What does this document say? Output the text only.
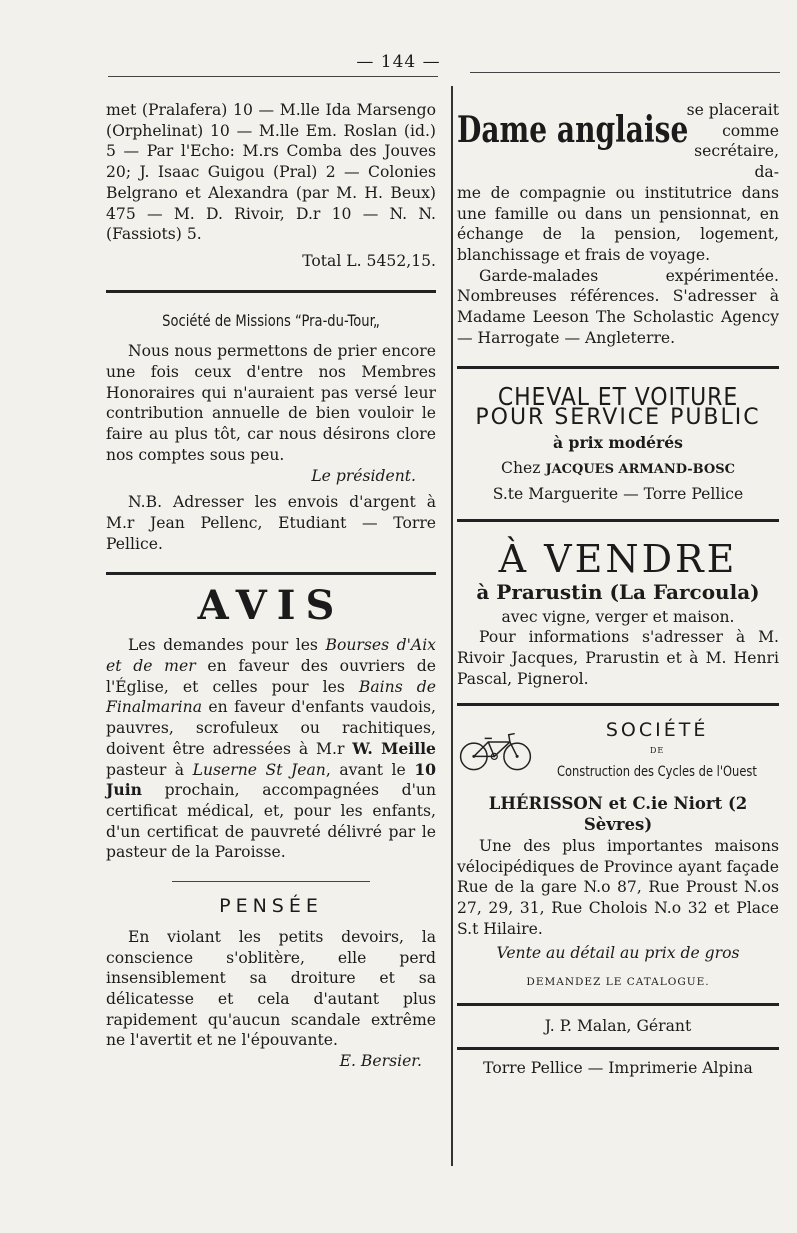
— 144 —

met (Pralafera) 10 — M.lle Ida Marsengo (Orphelinat) 10 — M.lle Em. Roslan (id.) 5 — Par l'Echo: M.rs Comba des Jouves 20; J. Isaac Guigou (Pral) 2 — Colonies Belgrano et Alexandra (par M. H. Beux) 475 — M. D. Rivoir, D.r 10 — N. N. (Fassiots) 5.

Total L. 5452,15.

Société de Missions “Pra-du-Tour„

Nous nous permettons de prier encore une fois ceux d'entre nos Membres Honoraires qui n'auraient pas versé leur contribution annuelle de bien vouloir le faire au plus tôt, car nous désirons clore nos comptes sous peu.

Le président.

N.B. Adresser les envois d'argent à M.r Jean Pellenc, Etudiant — Torre Pellice.

AVIS

Les demandes pour les Bourses d'Aix et de mer en faveur des ouvriers de l'Église, et celles pour les Bains de Finalmarina en faveur d'enfants vaudois, pauvres, scrofuleux ou rachitiques, doivent être adressées à M.r W. Meille pasteur à Luserne St Jean, avant le 10 Juin prochain, accompagnées d'un certificat médical, et, pour les enfants, d'un certificat de pauvreté délivré par le pasteur de la Paroisse.

PENSÉE

En violant les petits devoirs, la conscience s'oblitère, elle perd insensiblement sa droiture et sa délicatesse et cela d'autant plus rapidement qu'aucun scandale extrême ne l'avertit et ne l'épouvante.

E. Bersier.

Dame anglaise
se placerait comme secrétaire, da-

me de compagnie ou institutrice dans une famille ou dans un pensionnat, en échange de la pension, logement, blanchissage et frais de voyage.

Garde-malades expérimentée. Nombreuses références. S'adresser à Madame Leeson The Scholastic Agency — Harrogate — Angleterre.

CHEVAL ET VOITURE
POUR SERVICE PUBLIC
à prix modérés
Chez JACQUES ARMAND-BOSC
S.te Marguerite — Torre Pellice
À VENDRE
à Prarustin (La Farcoula)
avec vigne, verger et maison.

Pour informations s'adresser à M. Rivoir Jacques, Prarustin et à M. Henri Pascal, Pignerol.

SOCIÉTÉ
DE
Construction des Cycles de l'Ouest
LHÉRISSON et C.ie Niort (2 Sèvres)

Une des plus importantes maisons vélocipédiques de Province ayant façade Rue de la gare N.o 87, Rue Proust N.os 27, 29, 31, Rue Cholois N.o 32 et Place S.t Hilaire.

Vente au détail au prix de gros
DEMANDEZ LE CATALOGUE.
J. P. Malan, Gérant
Torre Pellice — Imprimerie Alpina
